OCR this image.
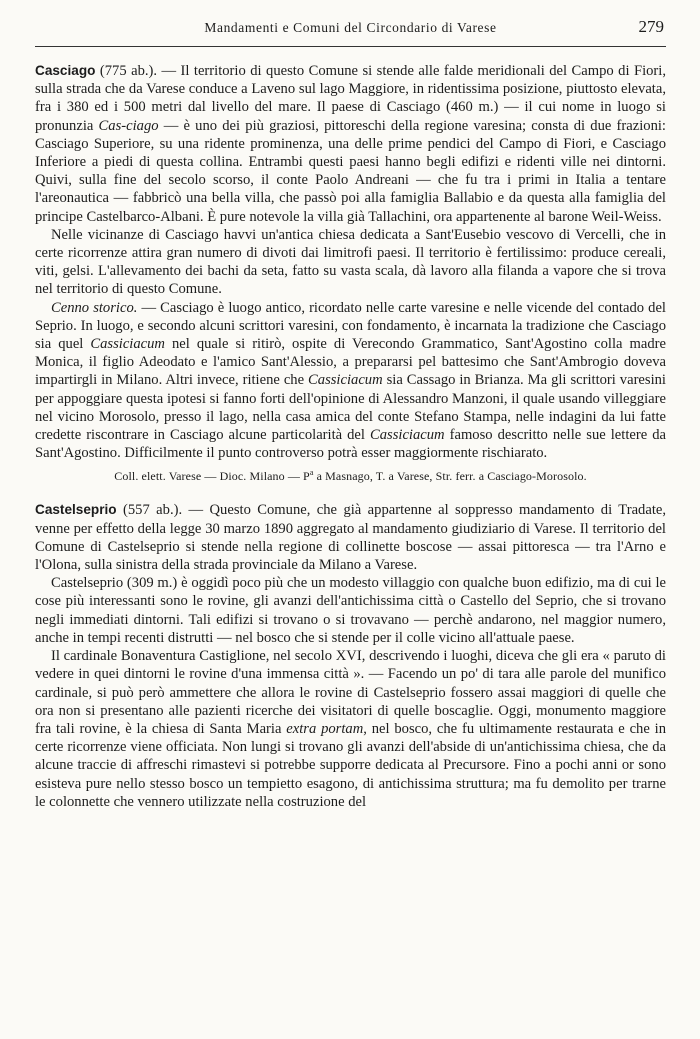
Mandamenti e Comuni del Circondario di Varese	279

Casciago (775 ab.). — Il territorio di questo Comune si stende alle falde meridionali del Campo di Fiori, sulla strada che da Varese conduce a Laveno sul lago Maggiore, in ridentissima posizione, piuttosto elevata, fra i 380 ed i 500 metri dal livello del mare. Il paese di Casciago (460 m.) — il cui nome in luogo si pronunzia Cas-ciago — è uno dei più graziosi, pittoreschi della regione varesina; consta di due frazioni: Casciago Superiore, su una ridente prominenza, una delle prime pendici del Campo di Fiori, e Casciago Inferiore a piedi di questa collina. Entrambi questi paesi hanno begli edifizi e ridenti ville nei dintorni. Quivi, sulla fine del secolo scorso, il conte Paolo Andreani — che fu tra i primi in Italia a tentare l'areonautica — fabbricò una bella villa, che passò poi alla famiglia Ballabio e da questa alla famiglia del principe Castelbarco-Albani. È pure notevole la villa già Tallachini, ora appartenente al barone Weil-Weiss.

Nelle vicinanze di Casciago havvi un'antica chiesa dedicata a Sant'Eusebio vescovo di Vercelli, che in certe ricorrenze attira gran numero di divoti dai limitrofi paesi. Il territorio è fertilissimo: produce cereali, viti, gelsi. L'allevamento dei bachi da seta, fatto su vasta scala, dà lavoro alla filanda a vapore che si trova nel territorio di questo Comune.

Cenno storico. — Casciago è luogo antico, ricordato nelle carte varesine e nelle vicende del contado del Seprio. In luogo, e secondo alcuni scrittori varesini, con fondamento, è incarnata la tradizione che Casciago sia quel Cassiciacum nel quale si ritirò, ospite di Verecondo Grammatico, Sant'Agostino colla madre Monica, il figlio Adeodato e l'amico Sant'Alessio, a prepararsi pel battesimo che Sant'Ambrogio doveva impartirgli in Milano. Altri invece, ritiene che Cassiciacum sia Cassago in Brianza. Ma gli scrittori varesini per appoggiare questa ipotesi si fanno forti dell'opinione di Alessandro Manzoni, il quale usando villeggiare nel vicino Morosolo, presso il lago, nella casa amica del conte Stefano Stampa, nelle indagini da lui fatte credette riscontrare in Casciago alcune particolarità del Cassiciacum famoso descritto nelle sue lettere da Sant'Agostino. Difficilmente il punto controverso potrà esser maggiormente rischiarato.

Coll. elett. Varese — Dioc. Milano — $P^a$ a Masnago, T. a Varese, Str. ferr. a Casciago-Morosolo.

Castelseprio (557 ab.). — Questo Comune, che già appartenne al soppresso mandamento di Tradate, venne per effetto della legge 30 marzo 1890 aggregato al mandamento giudiziario di Varese. Il territorio del Comune di Castelseprio si stende nella regione di collinette boscose — assai pittoresca — tra l'Arno e l'Olona, sulla sinistra della strada provinciale da Milano a Varese.

Castelseprio (309 m.) è oggidì poco più che un modesto villaggio con qualche buon edifizio, ma di cui le cose più interessanti sono le rovine, gli avanzi dell'antichissima città o Castello del Seprio, che si trovano negli immediati dintorni. Tali edifizi si trovano o si trovavano — perchè andarono, nel maggior numero, anche in tempi recenti distrutti — nel bosco che si stende per il colle vicino all'attuale paese.

Il cardinale Bonaventura Castiglione, nel secolo XVI, descrivendo i luoghi, diceva che gli era « paruto di vedere in quei dintorni le rovine d'una immensa città ». — Facendo un po' di tara alle parole del munifico cardinale, si può però ammettere che allora le rovine di Castelseprio fossero assai maggiori di quelle che ora non si presentano alle pazienti ricerche dei visitatori di quelle boscaglie. Oggi, monumento maggiore fra tali rovine, è la chiesa di Santa Maria extra portam, nel bosco, che fu ultimamente restaurata e che in certe ricorrenze viene officiata. Non lungi si trovano gli avanzi dell'abside di un'antichissima chiesa, che da alcune traccie di affreschi rimastevi si potrebbe supporre dedicata al Precursore. Fino a pochi anni or sono esisteva pure nello stesso bosco un tempietto esagono, di antichissima struttura; ma fu demolito per trarne le colonnette che vennero utilizzate nella costruzione del
